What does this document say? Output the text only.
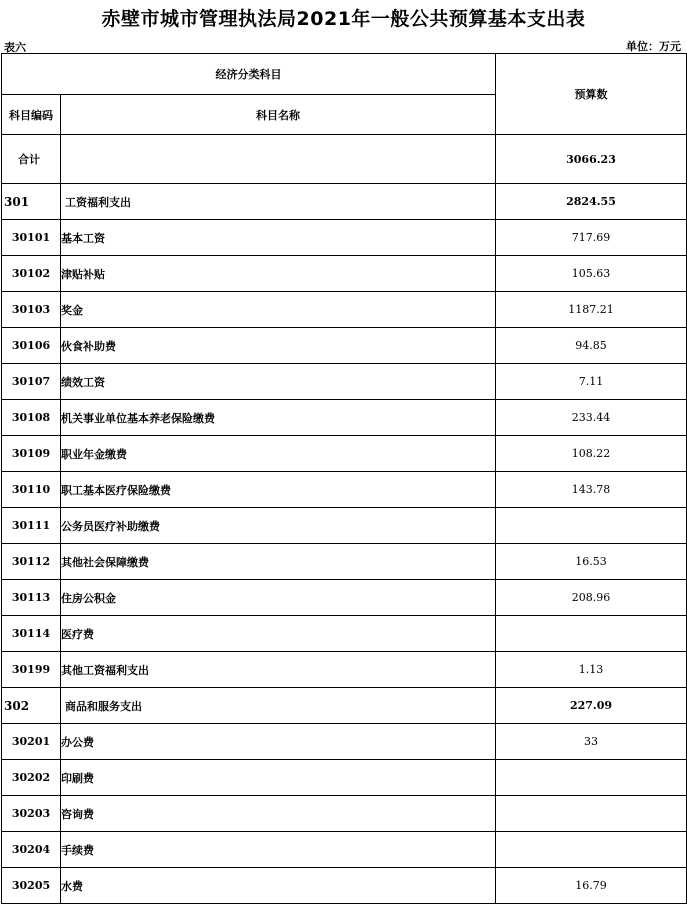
赤壁市城市管理执法局2021年一般公共预算基本支出表
表六	单位：万元
经济分类科目		预算数
科目编码	科目名称	
合计		3066.23
301	工资福利支出	2824.55
30101	基本工资	717.69
30102	津贴补贴	105.63
30103	奖金	1187.21
30106	伙食补助费	94.85
30107	绩效工资	7.11
30108	机关事业单位基本养老保险缴费	233.44
30109	职业年金缴费	108.22
30110	职工基本医疗保险缴费	143.78
30111	公务员医疗补助缴费	
30112	其他社会保障缴费	16.53
30113	住房公积金	208.96
30114	医疗费	
30199	其他工资福利支出	1.13
302	商品和服务支出	227.09
30201	办公费	33
30202	印刷费	
30203	咨询费	
30204	手续费	
30205	水费	16.79
